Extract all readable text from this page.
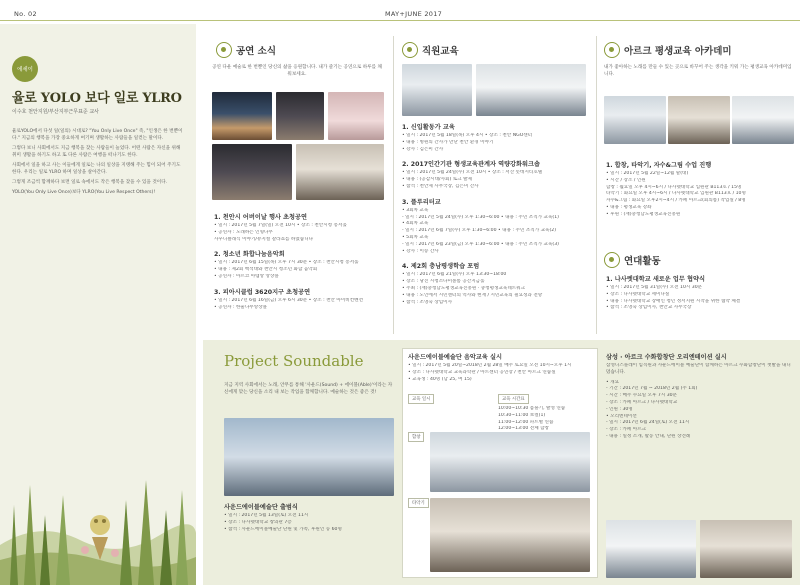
No. 02	MAY+JUNE 2017
에세이
율로 YOLO 보다 일로 YLRO
이수호 천안지원/부산지부근무표준 교사

율로YOLO에서 다섯 일(일의) 시대로? "You Only Live Once" 즉, "인생은 한 번뿐이다." 지금의 행복을 가장 중요하게 여기며 생활하는 사람들을 일컫는 말이다.

그렇다 보니 사회에서도 지금 행복을 찾는 사람들이 늘었다. 어떤 사람은 자신을 위해 취미 생활을 하기도 하고 또 다른 사람은 여행을 떠나기도 한다.

사회에서 일을 하고 사는 이들에게 일로는 나의 일상을 지탱해 주는 힘이 되어 주기도 한다. 우리는 일로 YLRO 하며 일상을 살아간다.

그렇게 조금씩 함께하다 보면 일로 속에서도 작은 행복을 찾을 수 있을 것이다.

YOLO(You Only Live Once)보다 YLRO(You Live Respect Others)!

공연 소식
공연 다운 예술로 한 번뿐인 당신의 삶을 응원합니다. 내가 즐기는 공연으로 하루를 채워보세요.
1. 천안시 어버이날 행사 초청공연
• 일시 : 2017년 5월 7일(일) 오전 10시 • 장소 : 천안시청 봉서홀
• 공연자 : 노래하는 인형나무
사우디클래식 이야기/뮤지컬 갈라쇼를 하였습니다
2. 청소년 화합나눔음악회
• 일시 : 2017년 6월 15일(목) 오후 7시 30분 • 장소 : 천안시청 봉서홀
• 내용 : 제2회 백석대와 천안시 청소년 화합 음악회
• 공연자 : 아르코 아템앙 앙상블
3. 피아시클럽 3620지구 초청공연
• 일시 : 2017년 6월 16일(금) 오후 6시 30분 • 장소 : 천안 아이비컨벤션
• 공연자 : 한울나무앙상블
직원교육
1. 신입활동가 교육
• 일시 : 2017년 5월 18일(목) 오후 4시 • 장소 : 천안 NGO센터
• 내용 : 병원의 간사가 만난 천안 환경 이야기
• 강사 : 김은미 간사
2. 2017인간기관 형생교육관계자 역량강화워크숍
• 일시 : 2017년 5월 24일(수) 오전 10시 • 장소 : 서산 롯데시티호텔
• 내용 : (공감시대/사회) 토크 발제
• 참석 : 천안제 사무국장, 김은미 간사
3. 플루리터교
• 3회차 교육
- 일시 : 2017년 5월 24일(수) 오후 1:30~6:00 • 내용 : 주민 조직가 교육(1)
• 4회차 교육
- 일시 : 2017년 6월 7일(수) 오후 1:30~6:00 • 내용 : 주민 조직가 교육(2)
• 5회차 교육
- 일시 : 2017년 6월 23일(금) 오후 1:30~6:00 • 내용 : 주민 조직가 교육(3)
• 강사 : 이승 간사
4. 제2회 충남평생학습 포럼
• 일시 : 2017년 6월 21일(수) 오후 13:30~18:00
• 장소 : 당진 시청소다미볼룸 공간지금홀
• 주최 : (재)충청남도평생교육진흥원 · 충청평생교육네트워크
• 내용 : 노인에서 시민센터의 역사와 현재 / 시민교육의 필요성과 전망
• 참석 : 조영숙 상임이사
아르크 평생교육 아카데미
내가 좋아하는 노래를 만들 수 있는 곳으로 바꾸어 주는 생각을 키워 가는 평생교육 아카데미입니다.
1. 합창, 타악기, 자수&그림 수업 진행
• 일시 : 2017년 5월 22일~12월 말(대)
• 시간 / 장소 / 인원
합창 : 월요일 오후 4시~6시 / 나사렛대학교 입원관 B113호 / 15명
타악기 : 화요일 오후 4시~6시 / 나사렛대학교 입원관 B113호 / 10명
자수&그림 : 화요일 오후2시~4시 / 카페 아르크(회의룸) 작업실 / 8명
• 내용 : 평생교육 강좌
• 후원 : (재)충청남도평생교육진흥원
연대활동
1. 나사렛대학교 새로운 업무 협약식
• 일시 : 2017년 5월 31일(수) 오전 10시 30분
• 장소 : 나사렛대학교 세미나실
• 내용 : 나사렛대학교 장애인 청년 정서지원 시작을 위한 협약 체결
• 참석 : 조영숙 상임이사, 천안교 사무국장
Project Soundable
지금 지역 사회에서는 노래, 안무를 통해 '사운드(Sound) + 에이블(Able)'이라는 자신에게 맞는 당신을 소리 내 보는 작업을 함께합니다. 예술하는 것은 좋은 것!
사운드에이블예술단 출범식
• 일시 : 2017년 5월 13일(토) 오전 11시
• 장소 : 나사렛대학교 창의관 7층
• 참석 : 사운드에이블예술단 단원 및 가족, 후원인 등 60명
사운드에이블예술단 음악교육 실시
• 일시 : 2017년 5월 20일~2018년 2월 28일 매주 토요일 오전 10시~오후 1시
• 장소 : 나사렛대학교 교육과학관 / 아트센터 공연장 / 천안 아르크 연습실
• 교육생 : 40명 (남 25, 여 15)
교육 일시	교육 시간표
10:00~10:30 몸풀기, 발성 연습
10:30~11:00 보컬(1)
11:00~12:00 파트별 연습
12:00~13:00 전체 합창
합창
타악기
삼성 · 아르크 수화합창단 오리엔테이션 실시
삼성디스플레이 임직원과 사운드에이블 예술단이 함께하는 아르크 수화합창단이 첫발을 내디뎠습니다.
• 개요
- 기간 : 2017년 7월 ~ 2018년 2월 (주 1회)
- 시간 : 매주 수요일 오후 7시 30분
- 장소 : 카페 아르크 / 나사렛대학교
- 인원 : 30명
• 오리엔테이션
- 일시 : 2017년 6월 24일(토) 오전 11시
- 장소 : 카페 아르크
- 내용 : 일정 소개, 활동 안내, 단원 상견례
